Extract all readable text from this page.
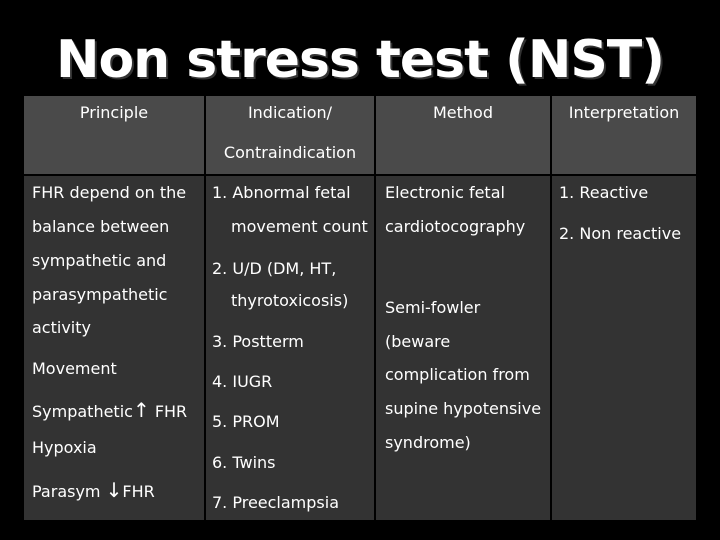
Non stress test (NST)
Principle	Indication/
Contraindication
Method	Interpretation
FHR depend on the
balance between
sympathetic and
parasympathetic
activity
Movement
Sympathetic↑ FHR
Hypoxia
Parasym ↓FHR
1. Abnormal fetal
movement count
2. U/D (DM, HT,
thyrotoxicosis)
3. Postterm
4. IUGR
5. PROM
6. Twins
7. Preeclampsia
Electronic fetal
cardiotocography
Semi-fowler
(beware
complication from
supine hypotensive
syndrome)
1. Reactive
2. Non reactive
